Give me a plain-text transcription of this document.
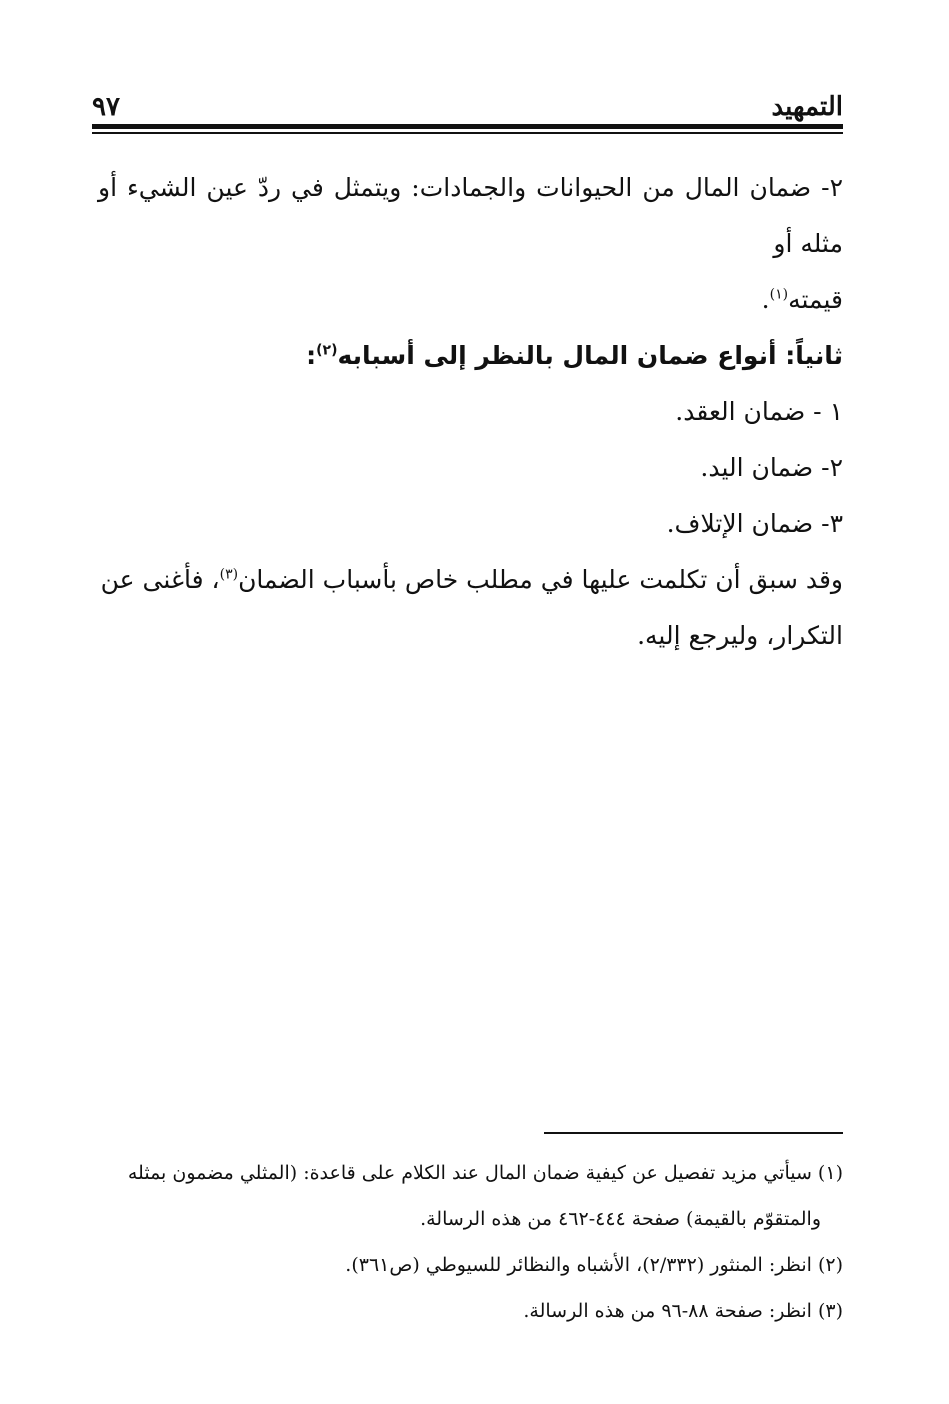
التمهيد
٩٧

٢- ضمان المال من الحيوانات والجمادات: ويتمثل في ردّ عين الشيء أو مثله أو

قيمته$^{(١)}$.

ثانياً: أنواع ضمان المال بالنظر إلى أسبابه$^{(٢)}$:

١ - ضمان العقد.

٢- ضمان اليد.

٣- ضمان الإتلاف.

وقد سبق أن تكلمت عليها في مطلب خاص بأسباب الضمان$^{(٣)}$، فأغنى عن

التكرار، وليرجع إليه.

(١) سيأتي مزيد تفصيل عن كيفية ضمان المال عند الكلام على قاعدة: (المثلي مضمون بمثله

والمتقوّم بالقيمة) صفحة ٤٤٤-٤٦٢ من هذه الرسالة.

(٢) انظر: المنثور (٢/٣٣٢)، الأشباه والنظائر للسيوطي (ص٣٦١).

(٣) انظر: صفحة ٨٨-٩٦ من هذه الرسالة.
